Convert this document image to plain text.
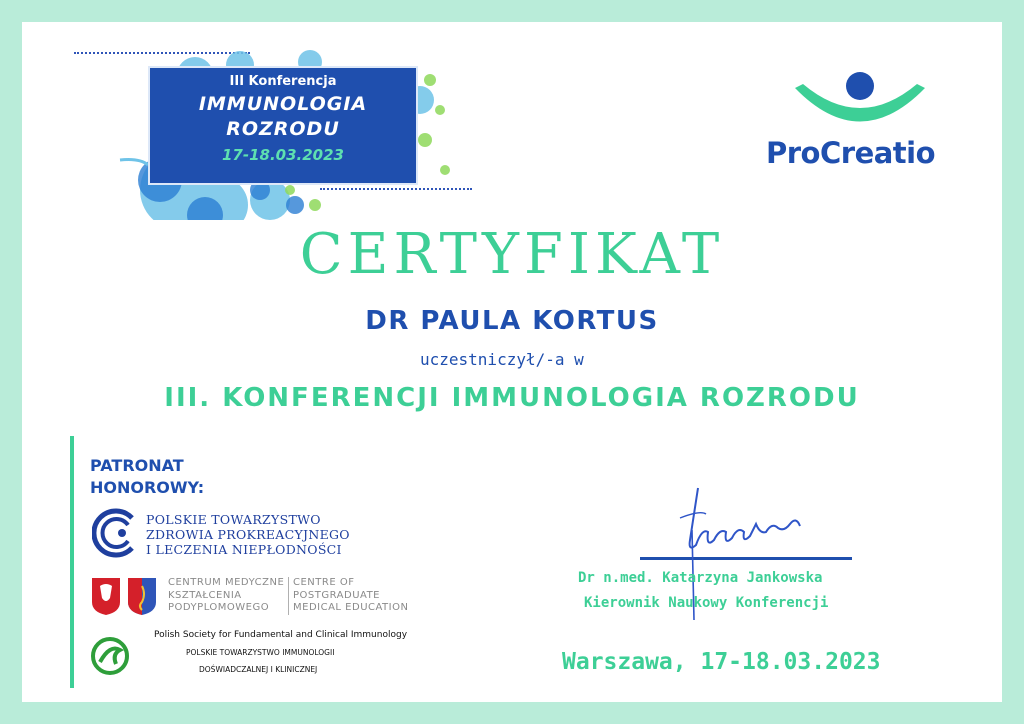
III Konferencja
IMMUNOLOGIA
ROZRODU
17-18.03.2023	ProCreatio
CERTYFIKAT
DR PAULA KORTUS
uczestniczył/-a w
III. KONFERENCJI IMMUNOLOGIA ROZRODU
PATRONAT
HONOROWY:
POLSKIE TOWARZYSTWO
ZDROWIA PROKREACYJNEGO
I LECZENIA NIEPŁODNOŚCI
CENTRUM MEDYCZNE
KSZTAŁCENIA
PODYPLOMOWEGO
CENTRE OF
POSTGRADUATE
MEDICAL EDUCATION
Polish Society for Fundamental and Clinical Immunology
POLSKIE TOWARZYSTWO IMMUNOLOGII
DOŚWIADCZALNEJ I KLINICZNEJ
Dr n.med. Katarzyna Jankowska
Kierownik Naukowy Konferencji
Warszawa, 17-18.03.2023
